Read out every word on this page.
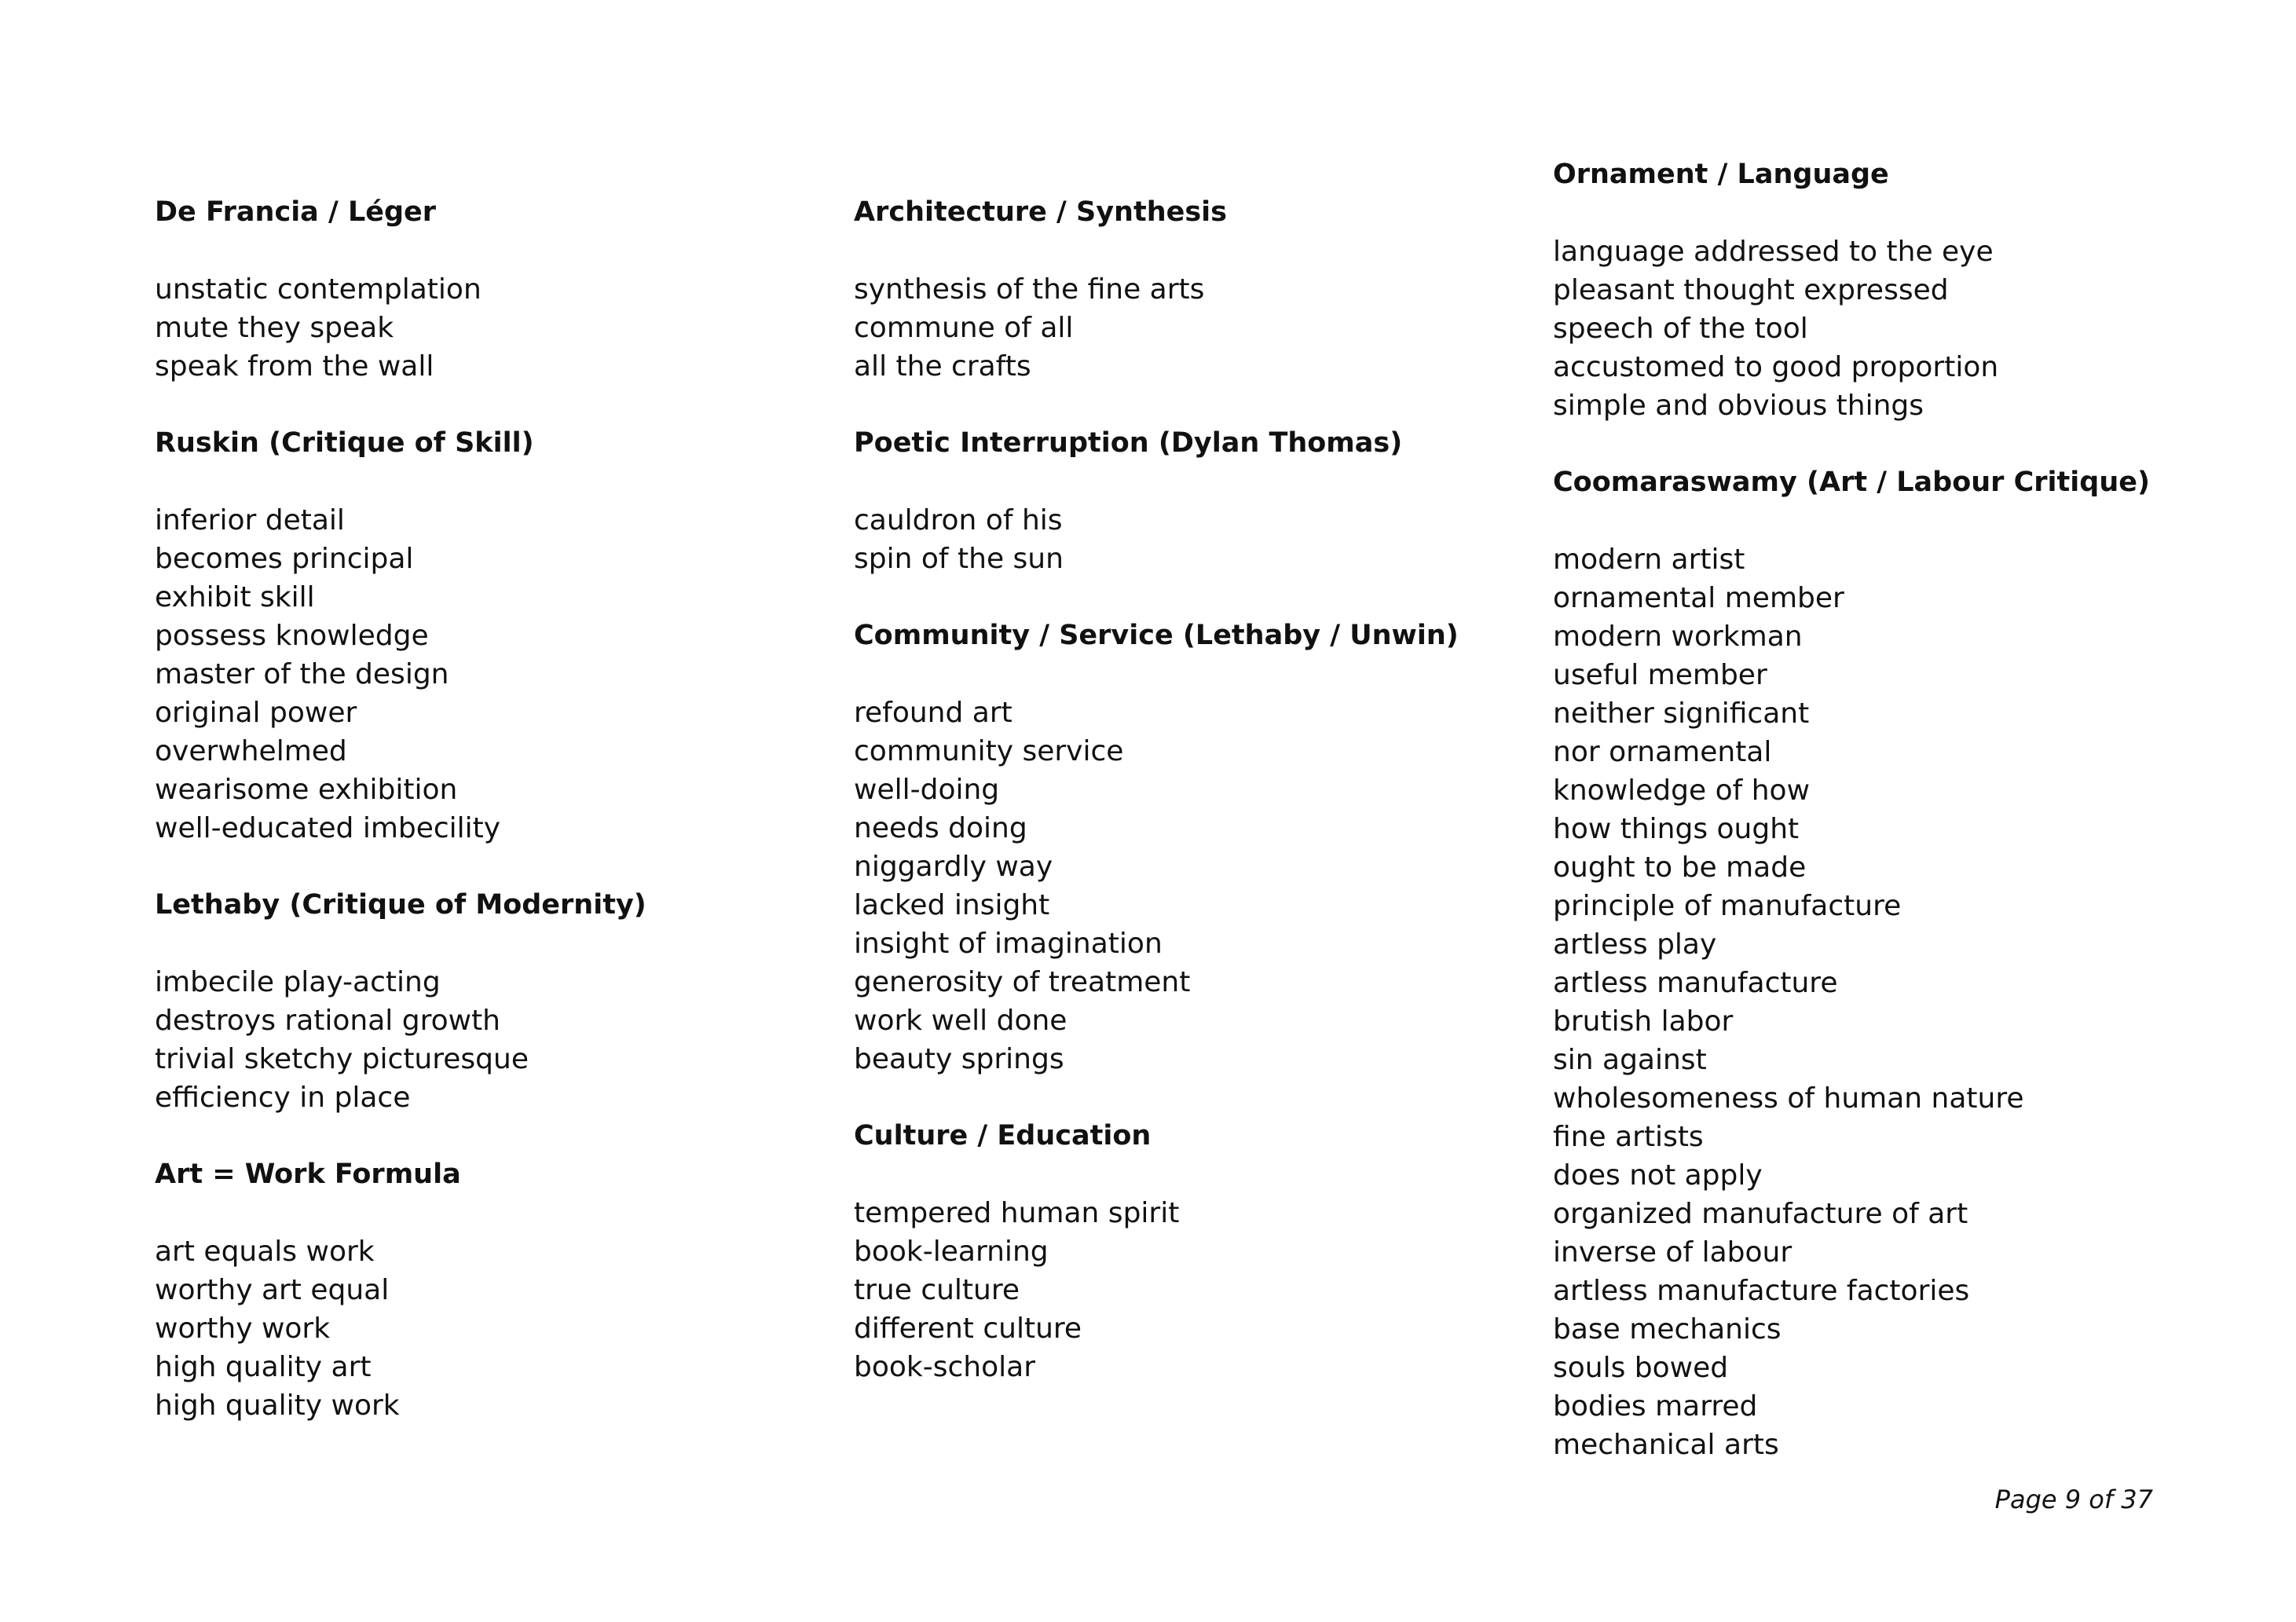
De Francia / Léger
unstatic contemplation
mute they speak
speak from the wall
Ruskin (Critique of Skill)
inferior detail
becomes principal
exhibit skill
possess knowledge
master of the design
original power
overwhelmed
wearisome exhibition
well-educated imbecility
Lethaby (Critique of Modernity)
imbecile play-acting
destroys rational growth
trivial sketchy picturesque
efficiency in place
Art = Work Formula
art equals work
worthy art equal
worthy work
high quality art
high quality work
Architecture / Synthesis
synthesis of the fine arts
commune of all
all the crafts
Poetic Interruption (Dylan Thomas)
cauldron of his
spin of the sun
Community / Service (Lethaby / Unwin)
refound art
community service
well-doing
needs doing
niggardly way
lacked insight
insight of imagination
generosity of treatment
work well done
beauty springs
Culture / Education
tempered human spirit
book-learning
true culture
different culture
book-scholar
Ornament / Language
language addressed to the eye
pleasant thought expressed
speech of the tool
accustomed to good proportion
simple and obvious things
Coomaraswamy (Art / Labour Critique)
modern artist
ornamental member
modern workman
useful member
neither significant
nor ornamental
knowledge of how
how things ought
ought to be made
principle of manufacture
artless play
artless manufacture
brutish labor
sin against
wholesomeness of human nature
fine artists
does not apply
organized manufacture of art
inverse of labour
artless manufacture factories
base mechanics
souls bowed
bodies marred
mechanical arts
Page 9 of 37
